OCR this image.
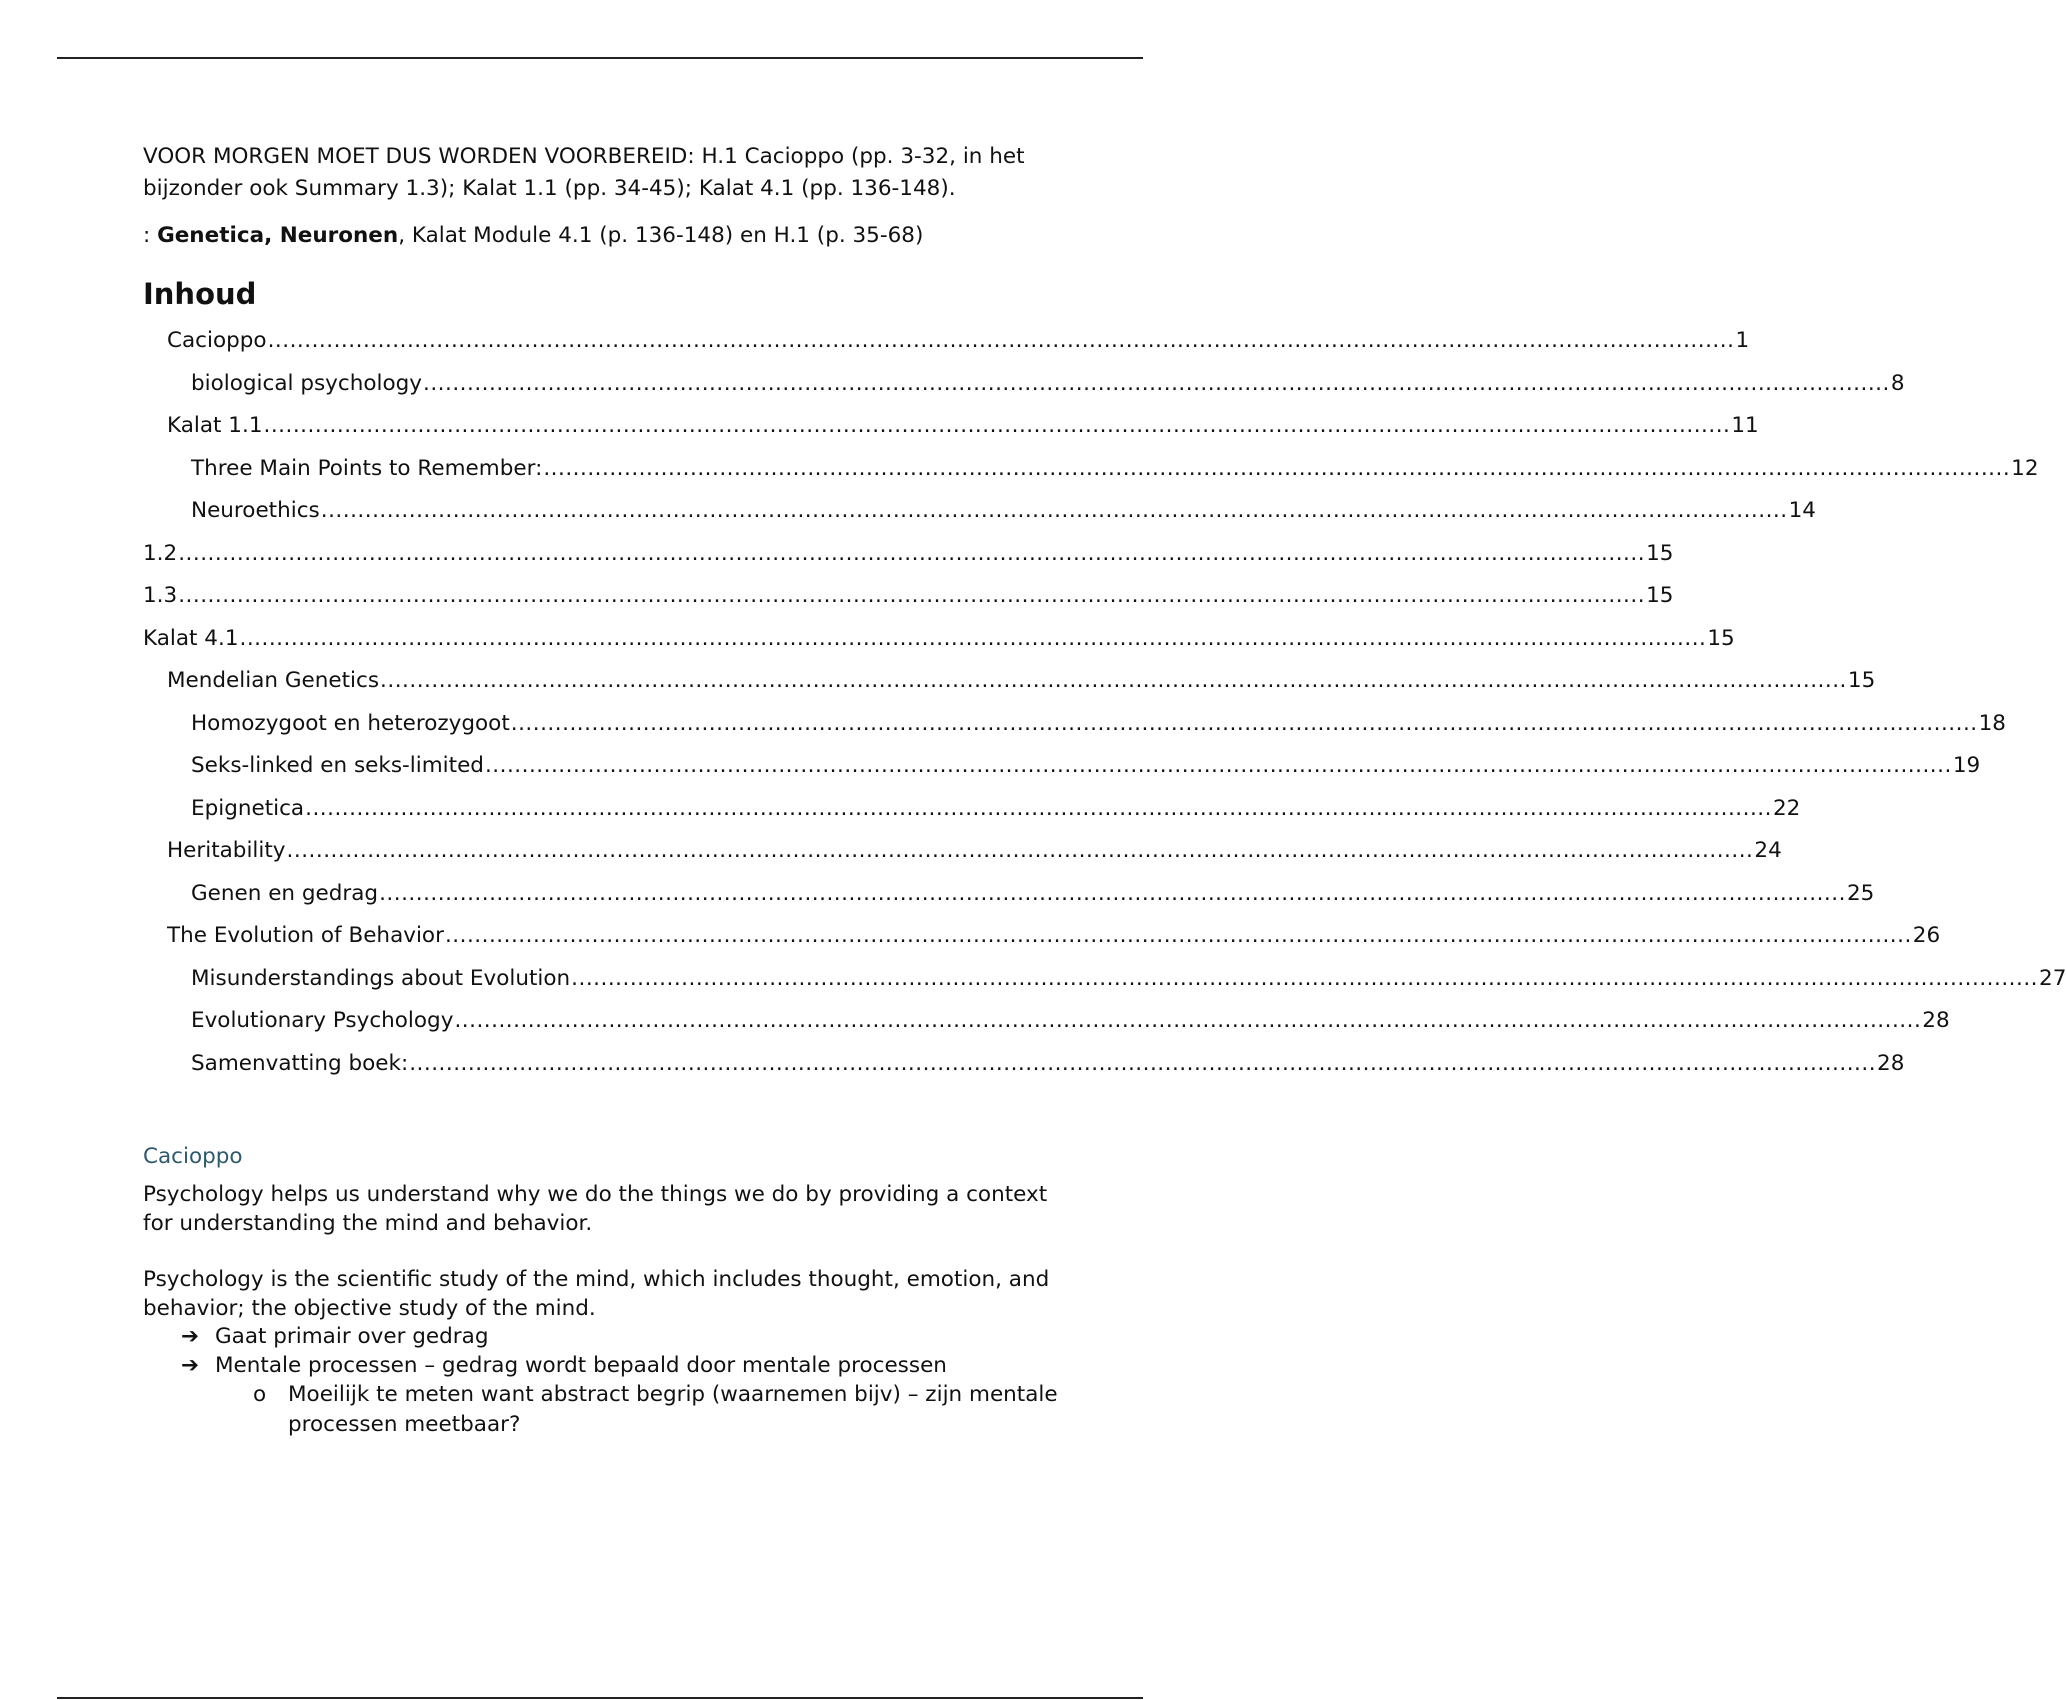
VOOR MORGEN MOET DUS WORDEN VOORBEREID: H.1 Cacioppo (pp. 3-32, in het bijzonder ook Summary 1.3); Kalat 1.1 (pp. 34-45); Kalat 4.1 (pp. 136-148).

: Genetica, Neuronen, Kalat Module 4.1 (p. 136-148) en H.1 (p. 35-68)

Inhoud
Cacioppo ........................................................................................................................................................................................................ 1
biological psychology ........................................................................................................................................................................................................ 8
Kalat 1.1 ........................................................................................................................................................................................................ 11
Three Main Points to Remember: ........................................................................................................................................................................................................ 12
Neuroethics ........................................................................................................................................................................................................ 14
1.2 ........................................................................................................................................................................................................ 15
1.3 ........................................................................................................................................................................................................ 15
Kalat 4.1 ........................................................................................................................................................................................................ 15
Mendelian Genetics ........................................................................................................................................................................................................ 15
Homozygoot en heterozygoot ........................................................................................................................................................................................................ 18
Seks-linked en seks-limited ........................................................................................................................................................................................................ 19
Epignetica ........................................................................................................................................................................................................ 22
Heritability ........................................................................................................................................................................................................ 24
Genen en gedrag ........................................................................................................................................................................................................ 25
The Evolution of Behavior ........................................................................................................................................................................................................ 26
Misunderstandings about Evolution ........................................................................................................................................................................................................ 27
Evolutionary Psychology ........................................................................................................................................................................................................ 28
Samenvatting boek: ........................................................................................................................................................................................................ 28
Cacioppo

Psychology helps us understand why we do the things we do by providing a context for understanding the mind and behavior.

Psychology is the scientific study of the mind, which includes thought, emotion, and behavior; the objective study of the mind.

➔ Gaat primair over gedrag
➔ Mentale processen – gedrag wordt bepaald door mentale processen
o Moeilijk te meten want abstract begrip (waarnemen bijv) – zijn mentale processen meetbaar?
